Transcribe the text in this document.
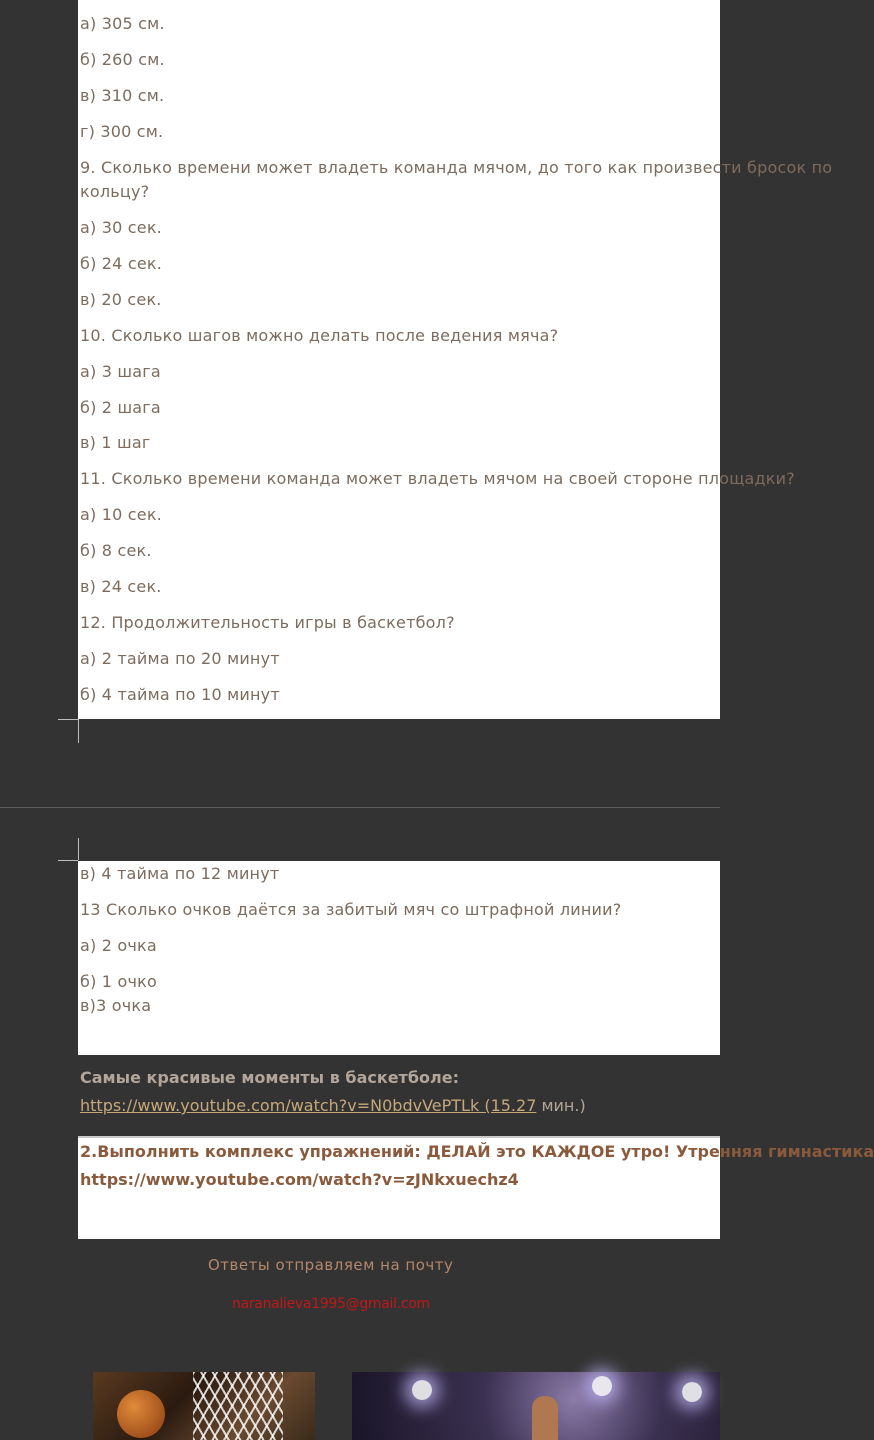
а) 305 см.
б) 260 см.
в) 310 см.
г) 300 см.
9. Сколько времени может владеть команда мячом, до того как произвести бросок по
кольцу?
а) 30 сек.
б) 24 сек.
в) 20 сек.
10. Сколько шагов можно делать после ведения мяча?
а) 3 шага
б) 2 шага
в) 1 шаг
11. Сколько времени команда может владеть мячом на своей стороне площадки?
а) 10 сек.
б) 8 сек.
в) 24 сек.
12. Продолжительность игры в баскетбол?
а) 2 тайма по 20 минут
б) 4 тайма по 10 минут
в) 4 тайма по 12 минут
13 Сколько очков даётся за забитый мяч со штрафной линии?
а) 2 очка
б) 1 очко
в)3 очка
Самые красивые моменты в баскетболе:
https://www.youtube.com/watch?v=N0bdvVePTLk (15.27 мин.)
2.Выполнить комплекс упражнений: ДЕЛАЙ это КАЖДОЕ утро! Утренняя гимнастика
https://www.youtube.com/watch?v=zJNkxuechz4
Ответы отправляем на почту
naranalieva1995@gmail.com
